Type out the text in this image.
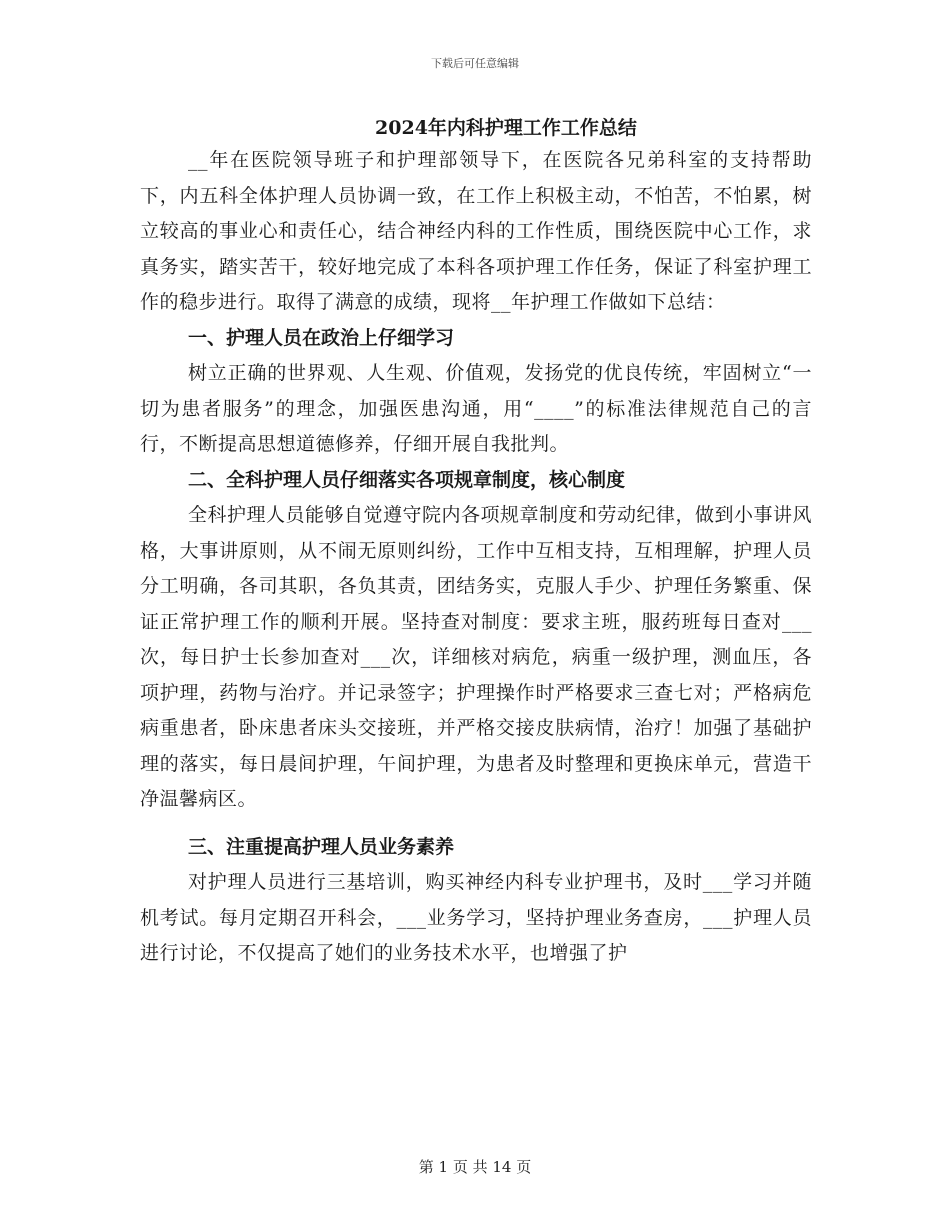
下载后可任意编辑
2024年内科护理工作工作总结

__年在医院领导班子和护理部领导下，在医院各兄弟科室的支持帮助下，内五科全体护理人员协调一致，在工作上积极主动，不怕苦，不怕累，树立较高的事业心和责任心，结合神经内科的工作性质，围绕医院中心工作，求真务实，踏实苦干，较好地完成了本科各项护理工作任务，保证了科室护理工作的稳步进行。取得了满意的成绩，现将__年护理工作做如下总结：

一、护理人员在政治上仔细学习

树立正确的世界观、人生观、价值观，发扬党的优良传统，牢固树立“一切为患者服务”的理念，加强医患沟通，用“____”的标准法律规范自己的言行，不断提高思想道德修养，仔细开展自我批判。

二、全科护理人员仔细落实各项规章制度，核心制度

全科护理人员能够自觉遵守院内各项规章制度和劳动纪律，做到小事讲风格，大事讲原则，从不闹无原则纠纷，工作中互相支持，互相理解，护理人员分工明确，各司其职，各负其责，团结务实，克服人手少、护理任务繁重、保证正常护理工作的顺利开展。坚持查对制度：要求主班，服药班每日查对___次，每日护士长参加查对___次，详细核对病危，病重一级护理，测血压，各项护理，药物与治疗。并记录签字；护理操作时严格要求三查七对；严格病危病重患者，卧床患者床头交接班，并严格交接皮肤病情，治疗！加强了基础护理的落实，每日晨间护理，午间护理，为患者及时整理和更换床单元，营造干净温馨病区。

三、注重提高护理人员业务素养

对护理人员进行三基培训，购买神经内科专业护理书，及时___学习并随机考试。每月定期召开科会，___业务学习，坚持护理业务查房，___护理人员进行讨论，不仅提高了她们的业务技术水平，也增强了护

第 1 页 共 14 页
